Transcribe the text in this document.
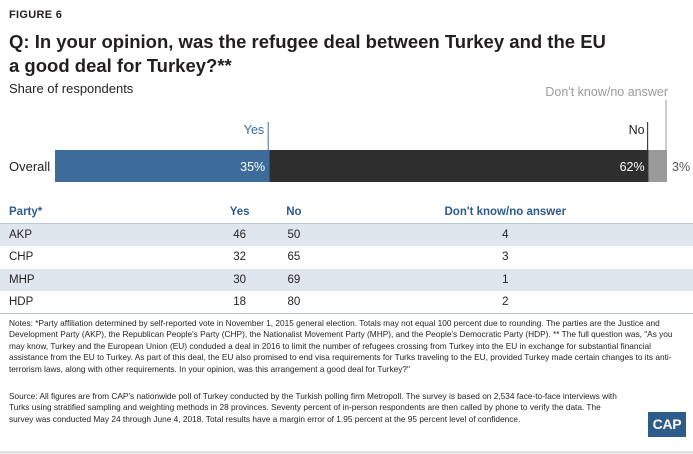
FIGURE 6
Q: In your opinion, was the refugee deal between Turkey and the EU a good deal for Turkey?**
Share of respondents
Overall	35%
Yes
62%
No
3%
Don't know/no answer
Party*	Yes	No	Don't know/no answer
AKP	46	50	4
CHP	32	65	3
MHP	30	69	1
HDP	18	80	2
Notes: *Party affiliation determined by self-reported vote in November 1, 2015 general election. Totals may not equal 100 percent due to rounding. The parties are the Justice and Development Party (AKP), the Republican People's Party (CHP), the Nationalist Movement Party (MHP), and the People's Democratic Party (HDP). ** The full question was, "As you may know, Turkey and the European Union (EU) conduded a deal in 2016 to limit the number of refugees crossing from Turkey into the EU in exchange for substantial financial assistance from the EU to Turkey. As part of this deal, the EU also promised to end visa requirements for Turks traveling to the EU, provided Turkey made certain changes to its anti-terrorism laws, along with other requirements. In your opinion, was this arrangement a good deal for Turkey?"
Source: All figures are from CAP's nationwide poll of Turkey conducted by the Turkish polling firm Metropoll. The survey is based on 2,534 face-to-face interviews with Turks using stratified sampling and weighting methods in 28 provinces. Seventy percent of in-person respondents are then called by phone to verify the data. The survey was conducted May 24 through June 4, 2018. Total results have a margin error of 1.95 percent at the 95 percent level of confidence.	CAP
